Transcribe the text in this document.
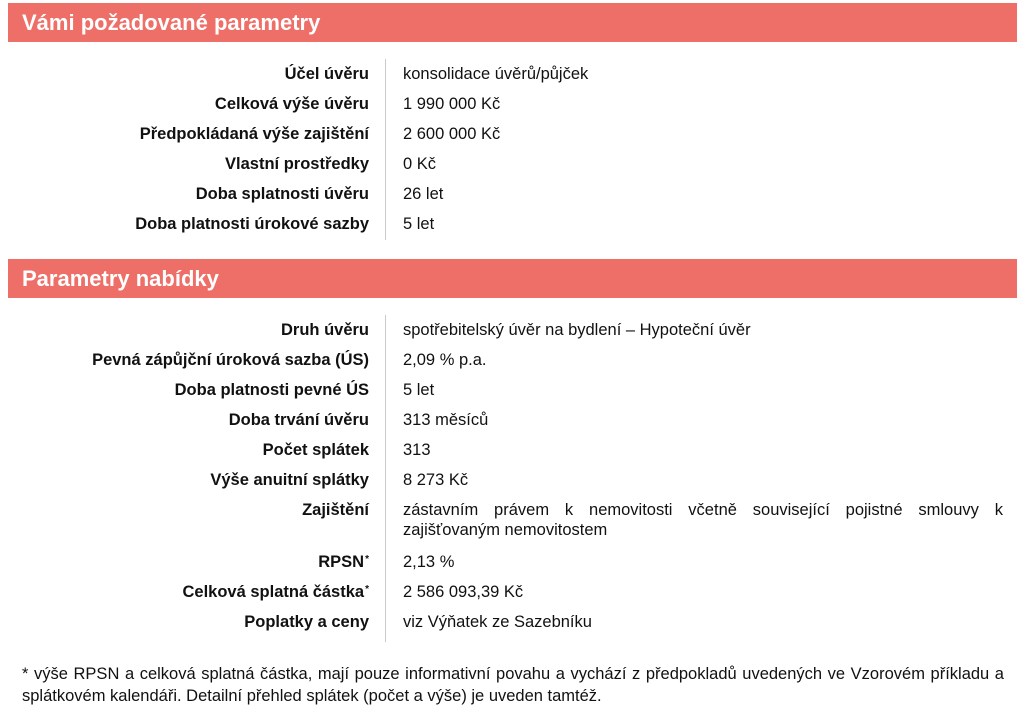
Vámi požadované parametry
Účel úvěru konsolidace úvěrů/půjček
Celková výše úvěru 1 990 000 Kč
Předpokládaná výše zajištění 2 600 000 Kč
Vlastní prostředky 0 Kč
Doba splatnosti úvěru 26 let
Doba platnosti úrokové sazby 5 let
Parametry nabídky
Druh úvěru spotřebitelský úvěr na bydlení – Hypoteční úvěr
Pevná zápůjční úroková sazba (ÚS) 2,09 % p.a.
Doba platnosti pevné ÚS 5 let
Doba trvání úvěru 313 měsíců
Počet splátek 313
Výše anuitní splátky 8 273 Kč
Zajištění zástavním právem k nemovitosti včetně související pojistné smlouvy k zajišťovaným nemovitostem
RPSN* 2,13 %
Celková splatná částka* 2 586 093,39 Kč
Poplatky a ceny viz Výňatek ze Sazebníku
* výše RPSN a celková splatná částka, mají pouze informativní povahu a vychází z předpokladů uvedených ve Vzorovém příkladu a splátkovém kalendáři. Detailní přehled splátek (počet a výše) je uveden tamtéž.
